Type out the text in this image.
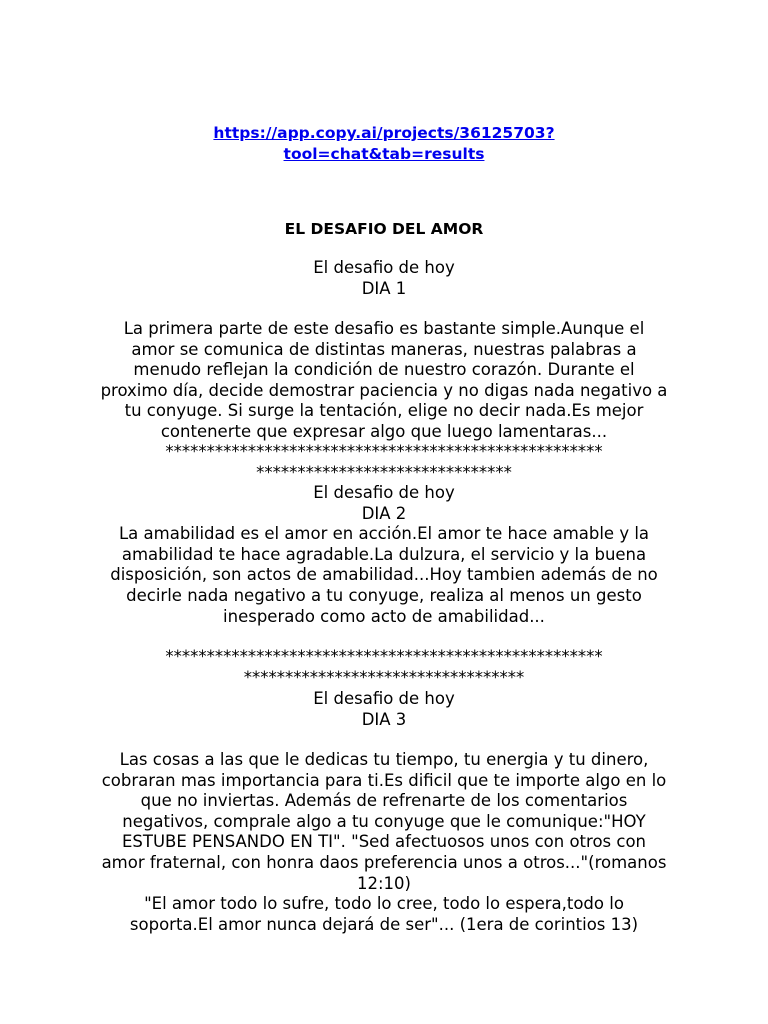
https://app.copy.ai/projects/36125703?
tool=chat&tab=results
EL DESAFIO DEL AMOR
El desafio de hoy
DIA 1
La primera parte de este desafio es bastante simple.Aunque el
amor se comunica de distintas maneras, nuestras palabras a
menudo reflejan la condición de nuestro corazón. Durante el
proximo día, decide demostrar paciencia y no digas nada negativo a
tu conyuge. Si surge la tentación, elige no decir nada.Es mejor
contenerte que expresar algo que luego lamentaras...
*****************************************************
*******************************
El desafio de hoy
DIA 2
La amabilidad es el amor en acción.El amor te hace amable y la
amabilidad te hace agradable.La dulzura, el servicio y la buena
disposición, son actos de amabilidad...Hoy tambien además de no
decirle nada negativo a tu conyuge, realiza al menos un gesto
inesperado como acto de amabilidad...
*****************************************************
**********************************
El desafio de hoy
DIA 3
Las cosas a las que le dedicas tu tiempo, tu energia y tu dinero,
cobraran mas importancia para ti.Es dificil que te importe algo en lo
que no inviertas. Además de refrenarte de los comentarios
negativos, comprale algo a tu conyuge que le comunique:"HOY
ESTUBE PENSANDO EN TI". "Sed afectuosos unos con otros con
amor fraternal, con honra daos preferencia unos a otros..."(romanos
12:10)
"El amor todo lo sufre, todo lo cree, todo lo espera,todo lo
soporta.El amor nunca dejará de ser"... (1era de corintios 13)
